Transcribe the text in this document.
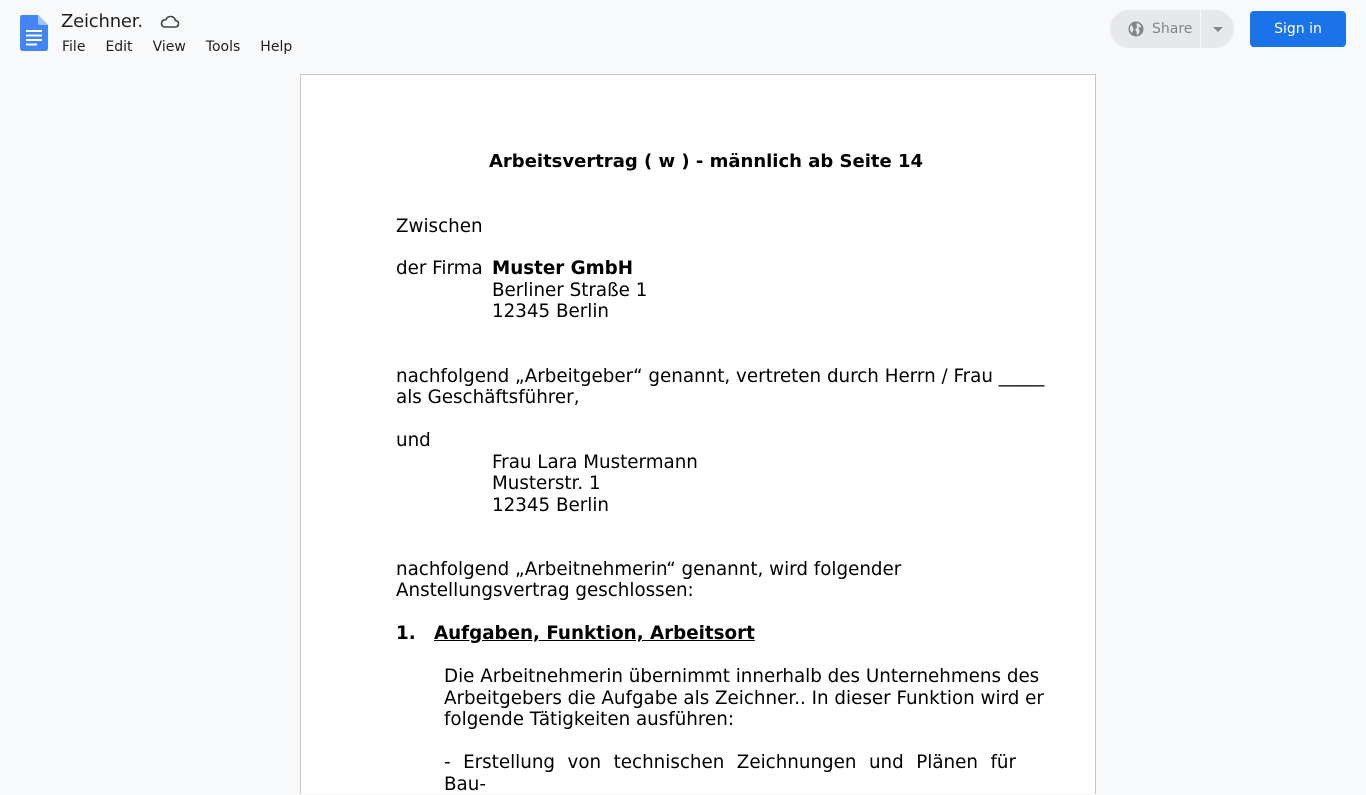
Zeichner.
File	Edit	View	Tools	Help
Share	Sign in
Arbeitsvertrag ( w ) - männlich ab Seite 14
Zwischen
der Firma Muster GmbH
Berliner Straße 1
12345 Berlin
nachfolgend „Arbeitgeber“ genannt, vertreten durch Herrn / Frau _____
als Geschäftsführer,
und
Frau Lara Mustermann
Musterstr. 1
12345 Berlin
nachfolgend „Arbeitnehmerin“ genannt, wird folgender
Anstellungsvertrag geschlossen:
1. Aufgaben, Funktion, Arbeitsort
Die Arbeitnehmerin übernimmt innerhalb des Unternehmens des
Arbeitgebers die Aufgabe als Zeichner.. In dieser Funktion wird er
folgende Tätigkeiten ausführen:
- Erstellung von technischen Zeichnungen und Plänen für Bau-
